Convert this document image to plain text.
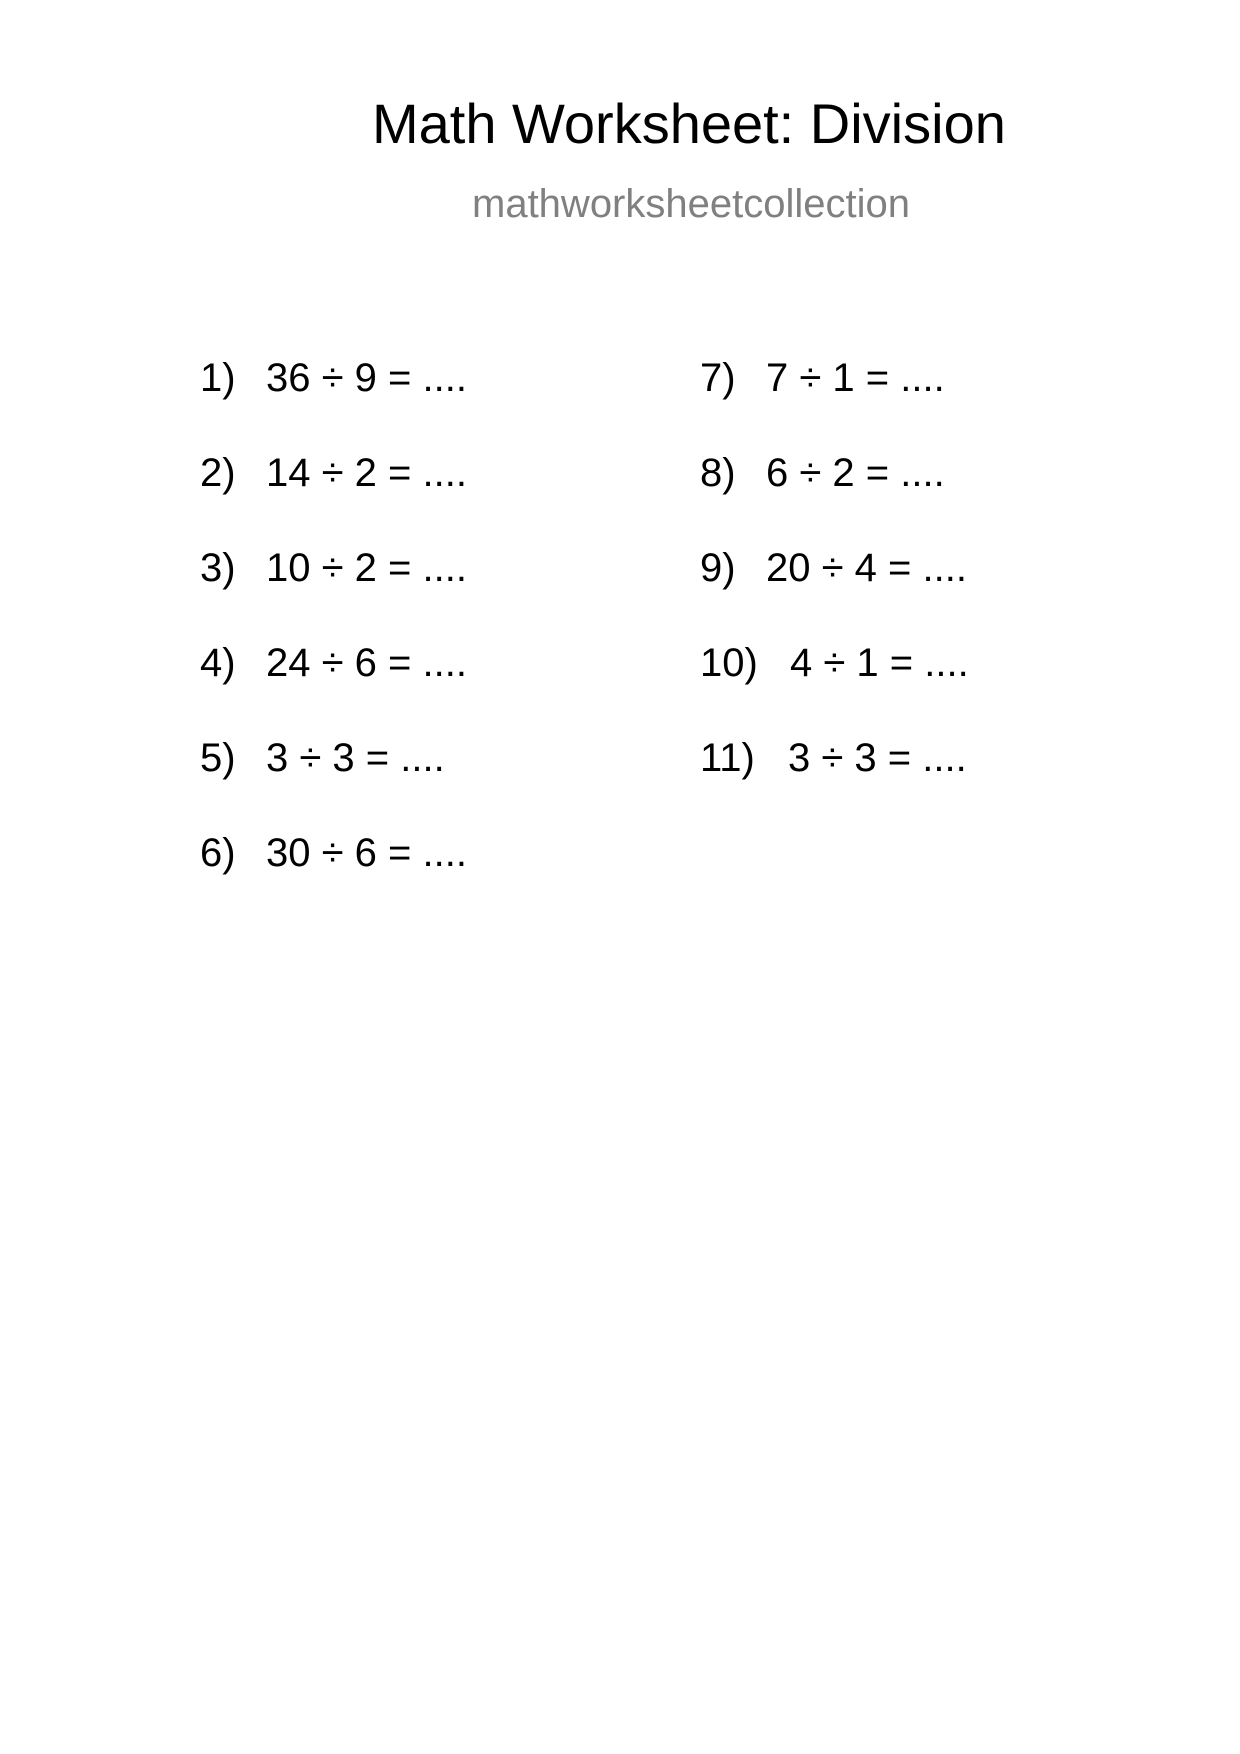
Math Worksheet: Division
mathworksheetcollection
1) 36 ÷ 9 = ....
2) 14 ÷ 2 = ....
3) 10 ÷ 2 = ....
4) 24 ÷ 6 = ....
5) 3 ÷ 3 = ....
6) 30 ÷ 6 = ....
7) 7 ÷ 1 = ....
8) 6 ÷ 2 = ....
9) 20 ÷ 4 = ....
10) 4 ÷ 1 = ....
11) 3 ÷ 3 = ....
